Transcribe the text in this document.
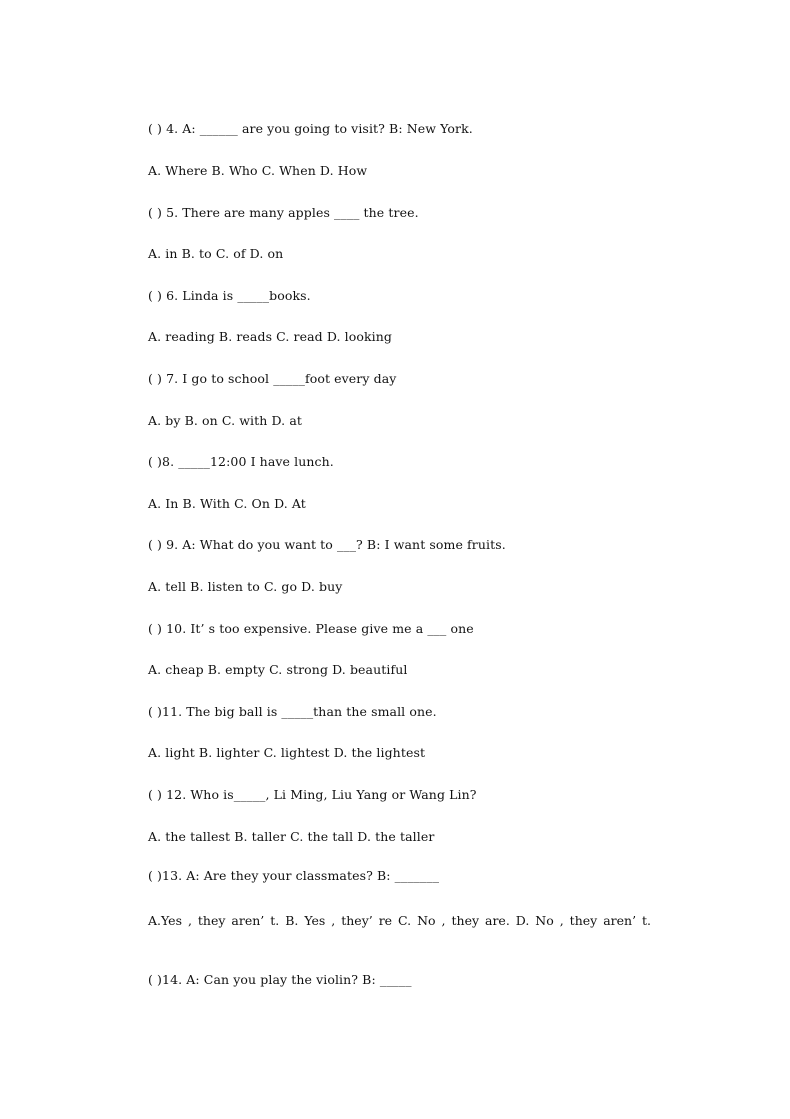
( ) 4. A: ______ are you going to visit? B: New York.
A. Where B. Who C. When D. How
( ) 5. There are many apples ____ the tree.
A. in B. to C. of D. on
( ) 6. Linda is _____books.
A. reading B. reads C. read D. looking
( ) 7. I go to school _____foot every day
A. by B. on C. with D. at
( )8. _____12:00 I have lunch.
A. In B. With C. On D. At
( ) 9. A: What do you want to ___? B: I want some fruits.
A. tell B. listen to C. go D. buy
( ) 10. It’ s too expensive. Please give me a ___ one
A. cheap B. empty C. strong D. beautiful
( )11. The big ball is _____than the small one.
A. light B. lighter C. lightest D. the lightest
( ) 12. Who is_____, Li Ming, Liu Yang or Wang Lin?
A. the tallest B. taller C. the tall D. the taller
( )13. A: Are they your classmates? B: _______
A.Yes , they aren’ t. B. Yes , they’ re C. No , they are. D. No , they aren’ t.
( )14. A: Can you play the violin? B: _____
